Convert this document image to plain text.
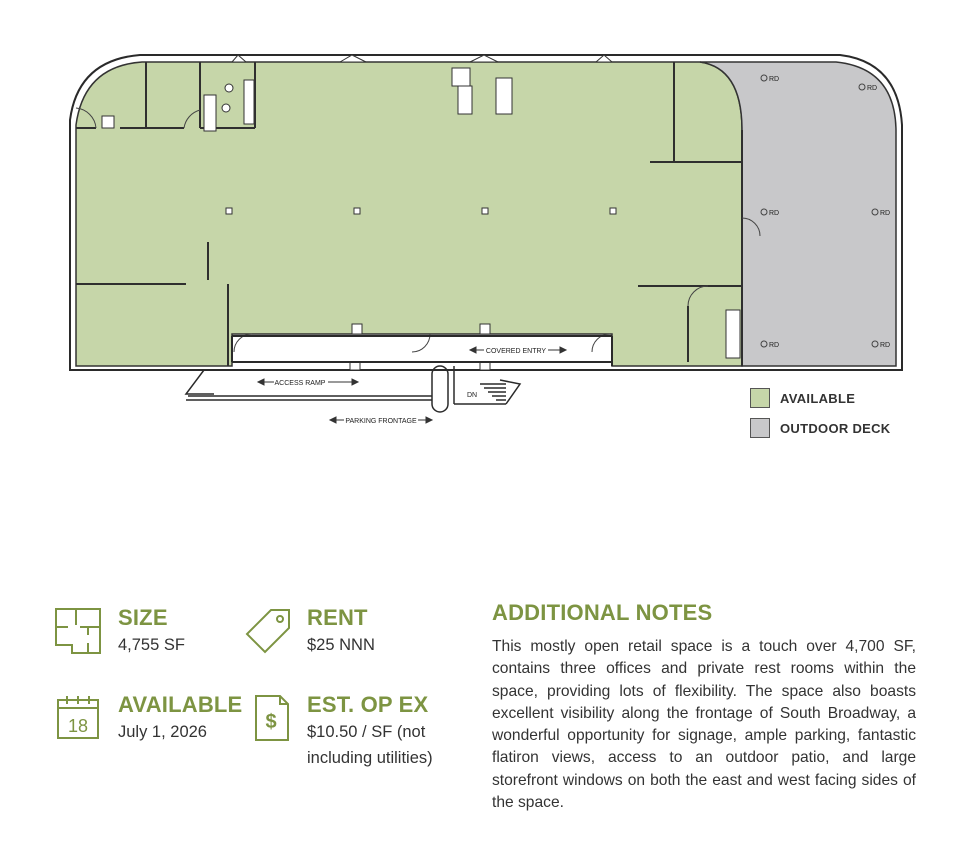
COVERED ENTRY
ACCESS RAMP
PARKING FRONTAGE
DN
RD
RD
RD	RD
RD	RD
AVAILABLE
OUTDOOR DECK
SIZE
4,755 SF
RENT
$25 NNN
18
AVAILABLE
July 1, 2026	$
EST. OP EX
$10.50 / SF (not
including utilities)
ADDITIONAL NOTES

This mostly open retail space is a touch over 4,700 SF, contains three offices and private rest rooms within the space, providing lots of flexibility. The space also boasts excellent visibility along the frontage of South Broadway, a wonderful opportunity for signage, ample parking, fantastic flatiron views, access to an outdoor patio, and large storefront windows on both the east and west facing sides of the space.
